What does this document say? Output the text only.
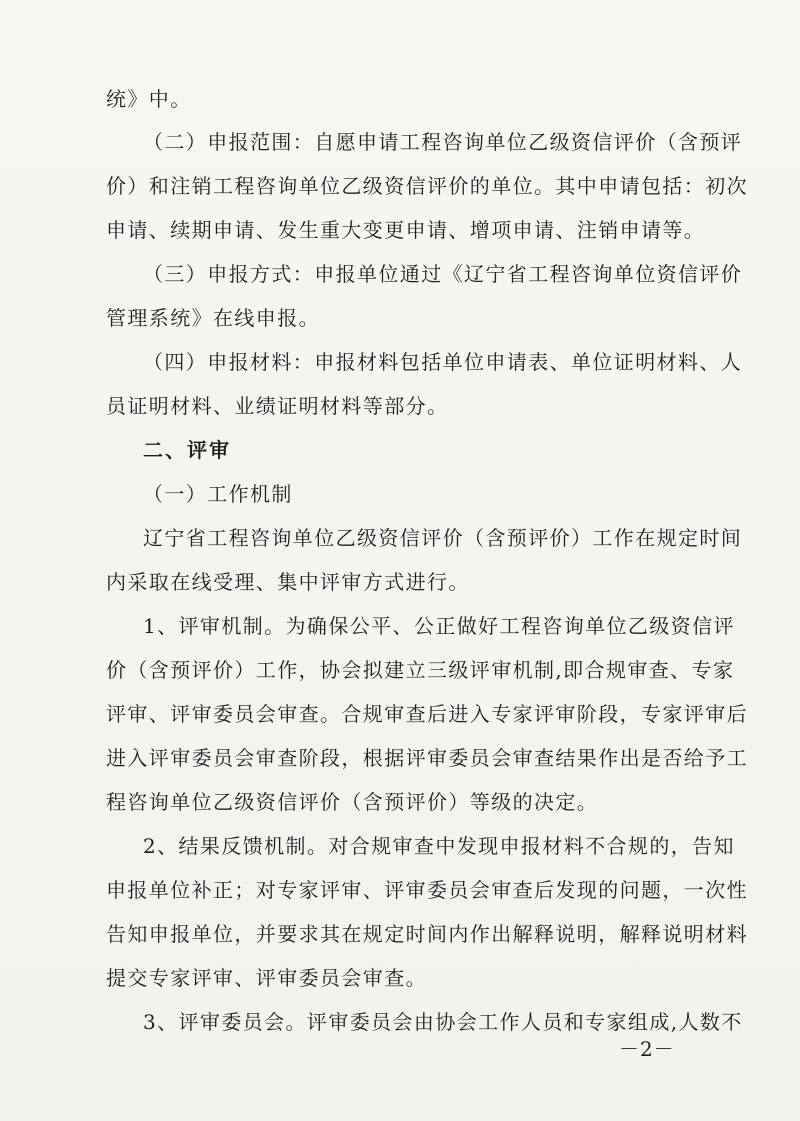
统》中。
（二）申报范围：自愿申请工程咨询单位乙级资信评价（含预评
价）和注销工程咨询单位乙级资信评价的单位。其中申请包括：初次
申请、续期申请、发生重大变更申请、增项申请、注销申请等。
（三）申报方式：申报单位通过《辽宁省工程咨询单位资信评价
管理系统》在线申报。
（四）申报材料：申报材料包括单位申请表、单位证明材料、人
员证明材料、业绩证明材料等部分。
二、评审
（一）工作机制
辽宁省工程咨询单位乙级资信评价（含预评价）工作在规定时间
内采取在线受理、集中评审方式进行。
1、评审机制。为确保公平、公正做好工程咨询单位乙级资信评
价（含预评价）工作，协会拟建立三级评审机制,即合规审查、专家
评审、评审委员会审查。合规审查后进入专家评审阶段，专家评审后
进入评审委员会审查阶段，根据评审委员会审查结果作出是否给予工
程咨询单位乙级资信评价（含预评价）等级的决定。
2、结果反馈机制。对合规审查中发现申报材料不合规的，告知
申报单位补正；对专家评审、评审委员会审查后发现的问题，一次性
告知申报单位，并要求其在规定时间内作出解释说明，解释说明材料
提交专家评审、评审委员会审查。
3、评审委员会。评审委员会由协会工作人员和专家组成,人数不
－2－
